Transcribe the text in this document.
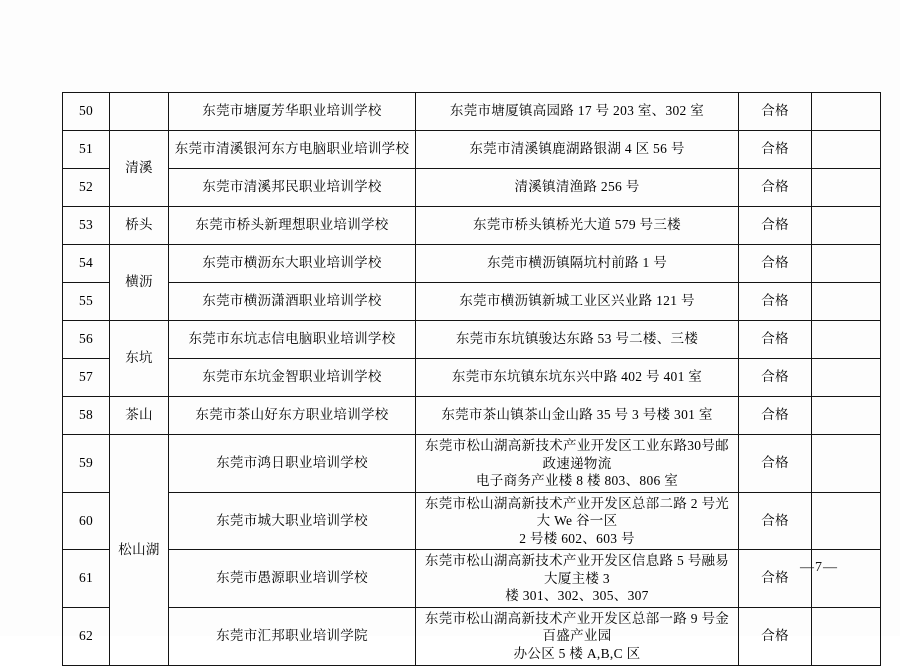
50		东莞市塘厦芳华职业培训学校	东莞市塘厦镇高园路 17 号 203 室、302 室	合格	
51	清溪	东莞市清溪银河东方电脑职业培训学校	东莞市清溪镇鹿湖路银湖 4 区 56 号	合格	
52		东莞市清溪邦民职业培训学校	清溪镇清渔路 256 号	合格	
53	桥头	东莞市桥头新理想职业培训学校	东莞市桥头镇桥光大道 579 号三楼	合格	
54	横沥	东莞市横沥东大职业培训学校	东莞市横沥镇隔坑村前路 1 号	合格	
55		东莞市横沥潇酒职业培训学校	东莞市横沥镇新城工业区兴业路 121 号	合格	
56	东坑	东莞市东坑志信电脑职业培训学校	东莞市东坑镇骏达东路 53 号二楼、三楼	合格	
57		东莞市东坑金智职业培训学校	东莞市东坑镇东坑东兴中路 402 号 401 室	合格	
58	茶山	东莞市茶山好东方职业培训学校	东莞市茶山镇茶山金山路 35 号 3 号楼 301 室	合格	
59	松山湖	东莞市鸿日职业培训学校	东莞市松山湖高新技术产业开发区工业东路30号邮政速递物流
电子商务产业楼 8 楼 803、806 室	合格	
60		东莞市城大职业培训学校	东莞市松山湖高新技术产业开发区总部二路 2 号光大 We 谷一区
2 号楼 602、603 号	合格	
61		东莞市愚源职业培训学校	东莞市松山湖高新技术产业开发区信息路 5 号融易大厦主楼 3
楼 301、302、305、307	合格	
62		东莞市汇邦职业培训学院	东莞市松山湖高新技术产业开发区总部一路 9 号金百盛产业园
办公区 5 楼 A,B,C 区	合格	
—7—
